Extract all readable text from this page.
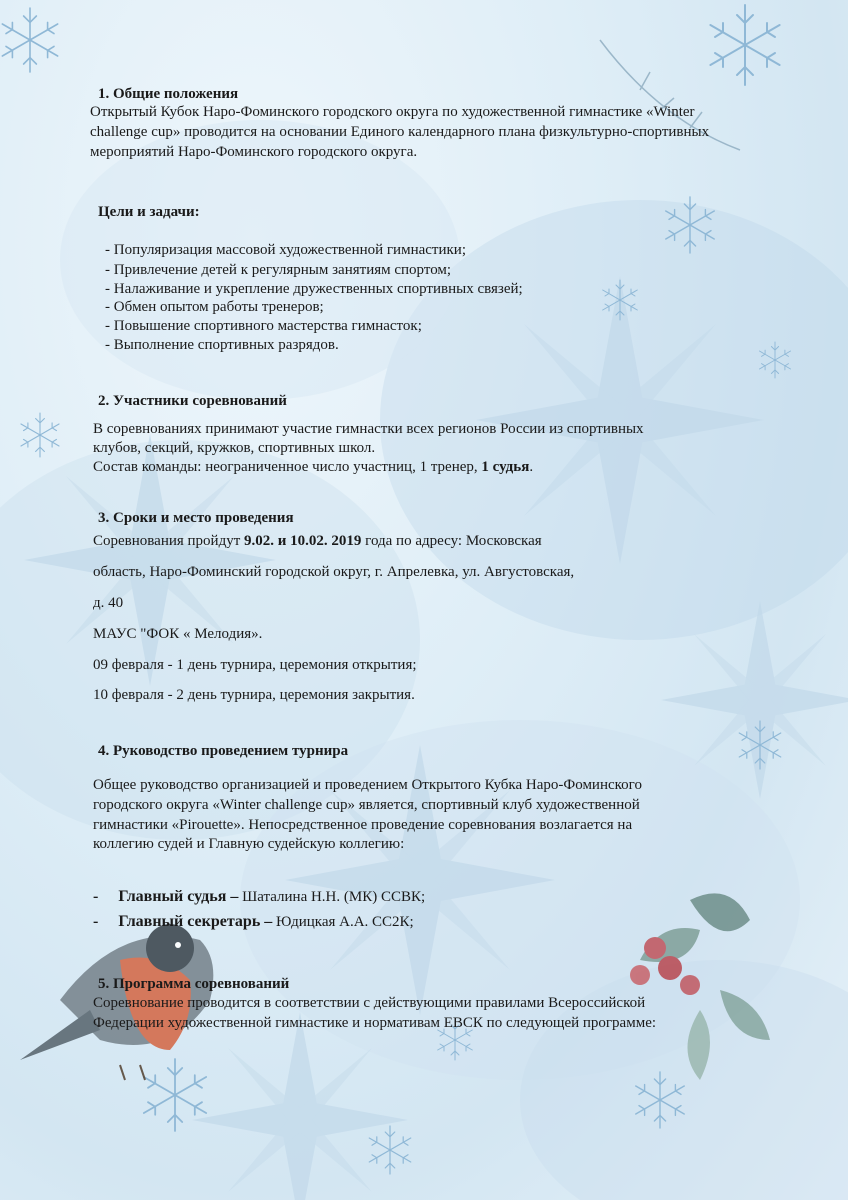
1. Общие положения
Открытый Кубок Наро-Фоминского городского округа по художественной гимнастике «Winter
challenge cup» проводится на основании Единого календарного плана физкультурно-спортивных
мероприятий Наро-Фоминского городского округа.
Цели и задачи:
- Популяризация массовой художественной гимнастики;
- Привлечение детей к регулярным занятиям спортом;
- Налаживание и укрепление дружественных спортивных связей;
- Обмен опытом работы тренеров;
- Повышение спортивного мастерства гимнасток;
- Выполнение спортивных разрядов.
2. Участники соревнований
В соревнованиях принимают участие гимнастки всех регионов России из спортивных
клубов, секций, кружков, спортивных школ.
Состав команды: неограниченное число участниц, 1 тренер, 1 судья.
3. Сроки и место проведения
Соревнования пройдут 9.02. и 10.02. 2019 года по адресу: Московская
область, Наро-Фоминский городской округ, г. Апрелевка, ул. Августовская,
д. 40
МАУС "ФОК « Мелодия».
09 февраля - 1 день турнира, церемония открытия;
10 февраля - 2 день турнира, церемония закрытия.
4. Руководство проведением турнира
Общее руководство организацией и проведением Открытого Кубка Наро-Фоминского
городского округа «Winter challenge cup» является, спортивный клуб художественной
гимнастики «Pirouette». Непосредственное проведение соревнования возлагается на
коллегию судей и Главную судейскую коллегию:
- Главный судья – Шаталина Н.Н. (МК) ССВК;
- Главный секретарь – Юдицкая А.А. СС2К;
5. Программа соревнований
Соревнование проводится в соответствии с действующими правилами Всероссийской
Федерации художественной гимнастике и нормативам ЕВСК по следующей программе:
